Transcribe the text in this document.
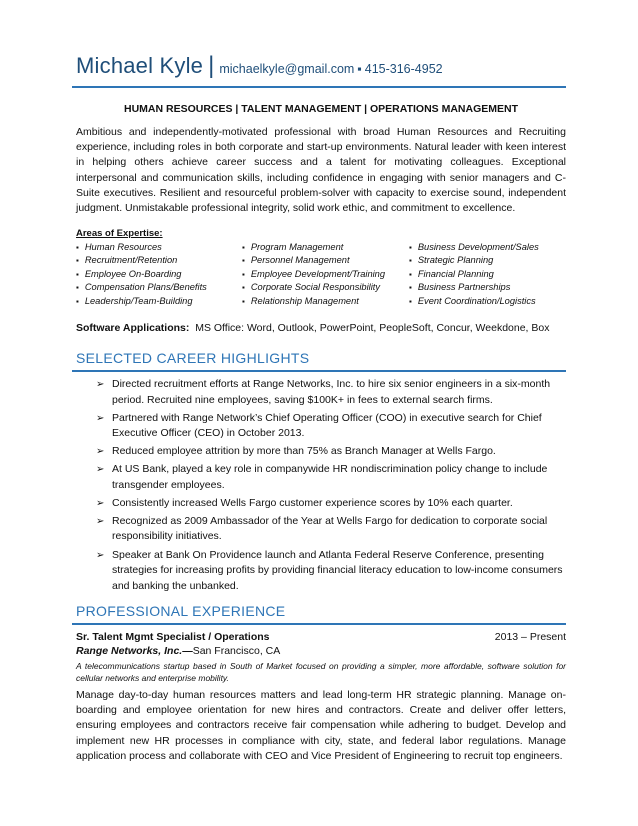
Michael Kyle | michaelkyle@gmail.com ▪ 415-316-4952
HUMAN RESOURCES | TALENT MANAGEMENT | OPERATIONS MANAGEMENT
Ambitious and independently-motivated professional with broad Human Resources and Recruiting experience, including roles in both corporate and start-up environments. Natural leader with keen interest in helping others achieve career success and a talent for motivating colleagues. Exceptional interpersonal and communication skills, including confidence in engaging with senior managers and C-Suite executives. Resilient and resourceful problem-solver with capacity to exercise sound, independent judgment. Unmistakable professional integrity, solid work ethic, and commitment to excellence.
Areas of Expertise:
▪ Human Resources
▪ Recruitment/Retention
▪ Employee On-Boarding
▪ Compensation Plans/Benefits
▪ Leadership/Team-Building
▪ Program Management
▪ Personnel Management
▪ Employee Development/Training
▪ Corporate Social Responsibility
▪ Relationship Management
▪ Business Development/Sales
▪ Strategic Planning
▪ Financial Planning
▪ Business Partnerships
▪ Event Coordination/Logistics
Software Applications: MS Office: Word, Outlook, PowerPoint, PeopleSoft, Concur, Weekdone, Box
SELECTED CAREER HIGHLIGHTS
➢ Directed recruitment efforts at Range Networks, Inc. to hire six senior engineers in a six-month period. Recruited nine employees, saving $100K+ in fees to external search firms.
➢ Partnered with Range Network’s Chief Operating Officer (COO) in executive search for Chief Executive Officer (CEO) in October 2013.
➢ Reduced employee attrition by more than 75% as Branch Manager at Wells Fargo.
➢ At US Bank, played a key role in companywide HR nondiscrimination policy change to include transgender employees.
➢ Consistently increased Wells Fargo customer experience scores by 10% each quarter.
➢ Recognized as 2009 Ambassador of the Year at Wells Fargo for dedication to corporate social responsibility initiatives.
➢ Speaker at Bank On Providence launch and Atlanta Federal Reserve Conference, presenting strategies for increasing profits by providing financial literacy education to low-income consumers and banking the unbanked.
PROFESSIONAL EXPERIENCE
Sr. Talent Mgmt Specialist / Operations	2013 – Present
Range Networks, Inc.—San Francisco, CA
A telecommunications startup based in South of Market focused on providing a simpler, more affordable, software solution for cellular networks and enterprise mobility.
Manage day-to-day human resources matters and lead long-term HR strategic planning. Manage on-boarding and employee orientation for new hires and contractors. Create and deliver offer letters, ensuring employees and contractors receive fair compensation while adhering to budget. Develop and implement new HR processes in compliance with city, state, and federal labor regulations. Manage application process and collaborate with CEO and Vice President of Engineering to recruit top engineers.
